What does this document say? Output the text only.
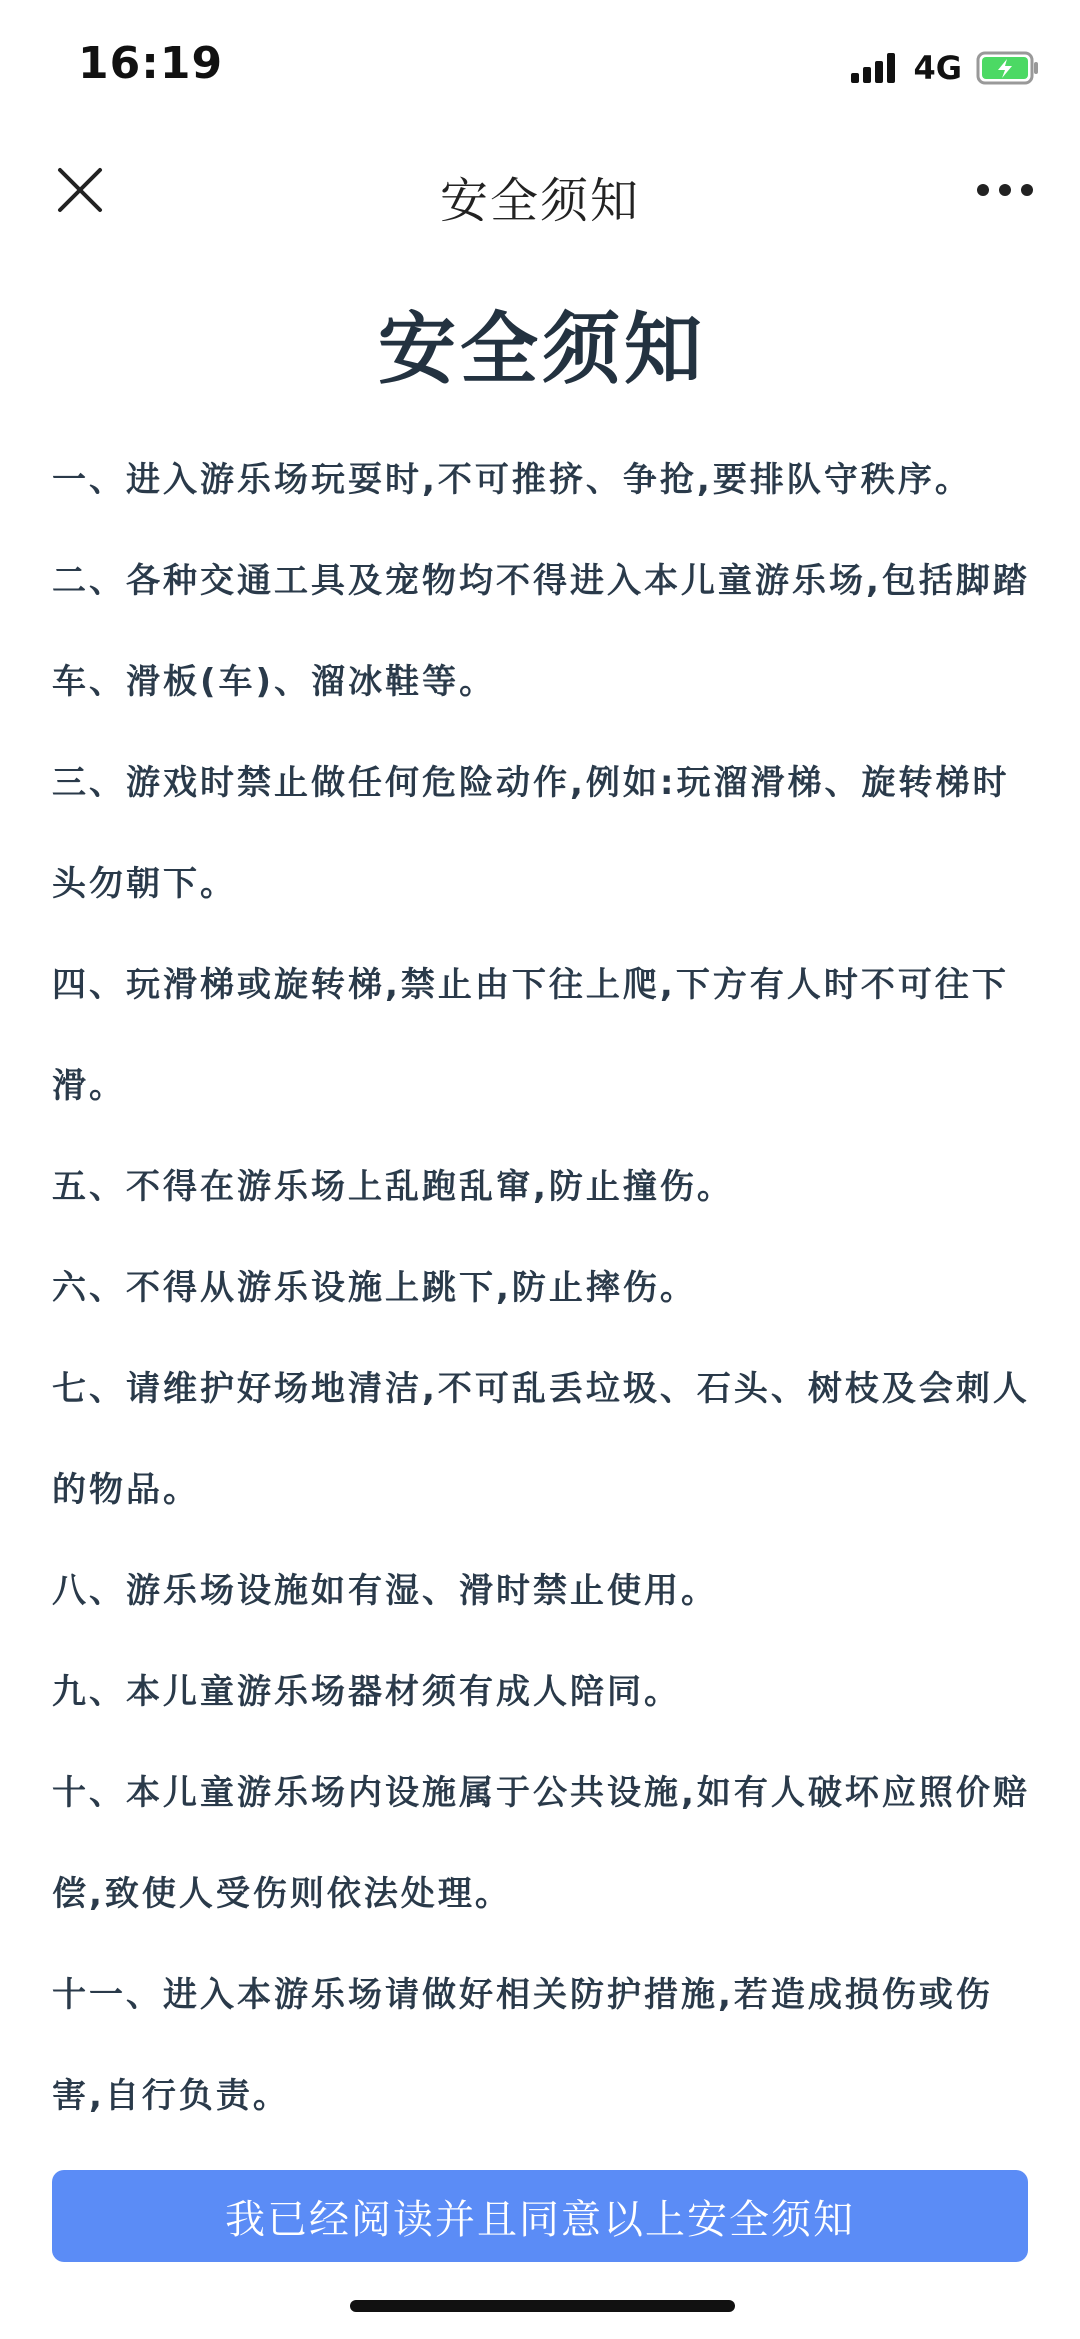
16:19	4G
安全须知
安全须知
一、进入游乐场玩耍时,不可推挤、争抢,要排队守秩序。
二、各种交通工具及宠物均不得进入本儿童游乐场,包括脚踏车、滑板(车)、溜冰鞋等。
三、游戏时禁止做任何危险动作,例如:玩溜滑梯、旋转梯时头勿朝下。
四、玩滑梯或旋转梯,禁止由下往上爬,下方有人时不可往下滑。
五、不得在游乐场上乱跑乱窜,防止撞伤。
六、不得从游乐设施上跳下,防止摔伤。
七、请维护好场地清洁,不可乱丢垃圾、石头、树枝及会刺人的物品。
八、游乐场设施如有湿、滑时禁止使用。
九、本儿童游乐场器材须有成人陪同。
十、本儿童游乐场内设施属于公共设施,如有人破坏应照价赔偿,致使人受伤则依法处理。
十一、进入本游乐场请做好相关防护措施,若造成损伤或伤害,自行负责。
我已经阅读并且同意以上安全须知
